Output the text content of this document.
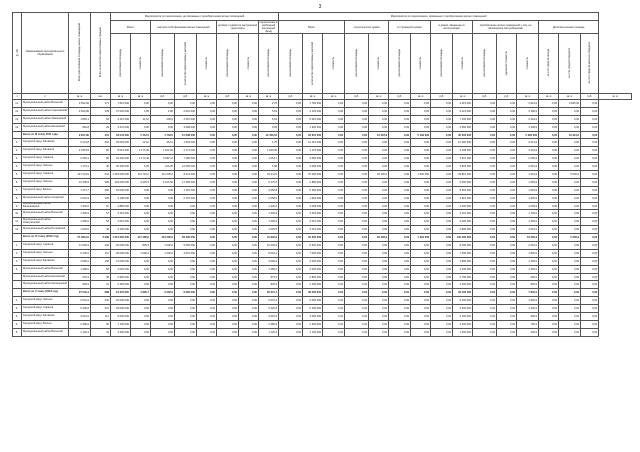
3
№ п/п	Наименование муниципального образования	Всего расселяемая площадь жилых помещений	Всего количество переселяемых граждан	Мероприятия по переселению, не связанные с приобретением жилых помещений								Мероприятия по переселению, связанные с приобретением жилых помещений															
				Всего		выплата собственникам жилых помещений			договор о развитии застроенной территории		переселение в свободный жилищный фонд	Всего			строительство домов		в строящихся домах		в домах, введенных в эксплуатацию		приобретение жилых помещений у лиц, не являющихся застройщиками			Дополнительная площадь			
				расселяемая площадь	стоимость	расселяемая площадь	количество переселяемых жителей	стоимость	расселяемая площадь	стоимость	расселяемая площадь	расселяемая площадь	количество переселяемых жителей	стоимость	расселяемая площадь	стоимость	расселяемая площадь	стоимость	расселяемая площадь	стоимость	расселяемая площадь	удельная стоимость	стоимость	за счет средств фонда	за счет средств бюджета	за счет средств местного бюджета	
1	2	кв. м	чел.	кв. м	кв. м	руб.	руб.	кв. м	руб.	кв. м	кв. м	руб.	кв. м	кв. м	руб.	кв. м	руб.	кв. м	руб.	кв. м	руб.	руб.	кв. м	кв. м	кв. м	руб.	кв. м
11.	Муниципальный район Вольский	2 832,60	171	7 821 000	0,00	0,00	0,00	0,00	0,00	0,00	2,70	0,00	1 784 000	0,00	0,00	0,00	0,00	0,00	0,00	4 415 000	0,00	0,00	3 921,0	0,00	3 845,00	0,00	
12.	Муниципальный район Саратовский	3 602,80	139	37 002 000	1,96	2,96	2 012 000	0,00	0,00	0,00	5,64	0,00	4 125 000	0,00	0,00	0,00	0,00	0,00	0,00	9 221 000	0,00	0,00	3 180,0	0,00	0,00	0,00	
13.	Муниципальный район Хвалынский	1 881,1	62	4 207 000	11,10	206,0	4 307 000	0,00	0,00	0,00	6,64	0,00	5 010 000	0,00	0,00	0,00	0,00	0,00	0,00	7 106 000	0,00	0,00	2 944,0	0,00	0,00	0,00	
14.	Муниципальный район Шиханский	862,8	29	3 011 000	0,00	0,00	3 098 000	0,00	0,00	0,00	0,00	0,00	1 900 000	0,00	0,00	0,00	0,00	0,00	0,00	2 950 000	0,00	0,00	1 208,0	0,00	0,00	0,00	
	Всего по III этапу 2011 года	9 207,90	401	53 041 000	5 112,0	1 733,5	15 008 000	0,00	0,00	0,00	12 450,04	0,00	23 601 000	0,00	0,00	13 522,9	0,00	5 190 000	0,00	30 202 000	0,00	0,00	5 390 000	0,00	10 021,0	0,00	
1.	Городской округ Балаково	5 121,8	202	29 003 000	12,12	36,12	1 502 000	0,00	0,00	0,00	1,76	0,00	12 410 000	0,00	0,00	0,00	0,00	0,00	0,00	12 200 000	0,00	0,00	2 014,0	0,00	0,00	0,00	
2.	Городской округ Балашов	2 045,15	84	8 012 000	1 171,30	1 102,91	4 771 000	0,00	0,00	0,00	1 320,00	0,00	1 176 000	0,00	0,00	0,00	0,00	0,00	0,00	3 108 000	0,00	0,00	3 401,0	0,00	0,00	0,00	
3.	Городской округ Саратов	2 063,1	80	24 200 000	1 174,40	5 002,11	7 180 000	0,00	0,00	0,00	1 054,7	0,00	3 050 000	0,00	0,00	0,00	0,00	0,00	0,00	4 601 000	0,00	0,00	2 000,0	0,00	0,00	0,00	
4.	Городской округ Энгельс	1 179,1	40	30 400 000	1,05	104,05	12 500 000	0,00	0,00	0,00	1,98	0,00	4 005 000	0,00	0,00	0,00	0,00	0,00	0,00	9 803 000	0,00	0,00	2 901,0	0,00	0,00	0,00	
5.	Городской округ Саратов	20 710,01	641	1 203 000 000	111 710,0	111 000,0	8 411 000	0,00	0,00	0,00	20 211,0	0,00	37 000 000	0,00	0,00	18 406,0	0,00	1 020 000	0,00	49 810 000	0,00	0,00	1 941,0	0,00	5 000,0	0,00	
6.	Городской округ Энгельс	10 400,5	385	143 000 000	3 415,9	6 414,60	17 460 000	0,00	0,00	0,00	6 170,5	0,00	2 880 000	0,00	0,00	0,00	0,00	0,00	0,00	6 000 000	0,00	0,00	1 050,0	0,00	0,00	0,00	
7.	Городской округ Вольск	7 471,7	290	54 000 000	0,00	0,00	1 187 000	0,00	0,00	0,00	3 050,8	0,00	5 360 000	0,00	0,00	0,00	0,00	0,00	0,00	8 902 000	0,00	0,00	1 002,0	0,00	0,00	0,00	
8.	Муниципальный район Аткарский	2 042,9	105	3 108 000	0,00	0,00	2 107 000	0,00	0,00	0,00	2 058,9	0,00	1 604 000	0,00	0,00	0,00	0,00	0,00	0,00	2 910 000	0,00	0,00	1 205,0	0,00	0,00	0,00	
9.	Муниципальный район Балашовский	1 340,0	61	4 880 000	0,00	0,00	0,00	0,00	0,00	0,00	1 340,0	0,00	4 009 000	0,00	0,00	0,00	0,00	0,00	0,00	4 000 000	0,00	0,00	1 009,0	0,00	0,00	0,00	
10.	Муниципальный район Вольский	1 330,9	57	3 301 000	0,00	0,00	0,00	0,00	0,00	0,00	1 330,9	0,00	3 002 000	0,00	0,00	0,00	0,00	0,00	0,00	3 101 000	0,00	0,00	1 700,0	0,00	0,00	0,00	
11.	Муниципальный район Новоузенский	1 290,6	54	4 010 000	0,00	0,00	0,00	0,00	0,00	0,00	1 290,6	0,00	4 007 000	0,00	0,00	0,00	0,00	0,00	0,00	4 020 000	0,00	0,00	1 400,0	0,00	0,00	0,00	
12.	Муниципальный район Петровский	1 020,5	40	3 200 000	0,00	0,00	0,00	0,00	0,00	0,00	1 020,5	0,00	3 001 000	0,00	0,00	0,00	0,00	0,00	0,00	2 800 000	0,00	0,00	1 010,0	0,00	0,00	0,00	
	Всего по IV этапу (2012 год)	57 090,10	2 039	1 513 000 000	117 480,0	124 000,0	56 300 000	0,00	0,00	0,00	41 930,0	0,00	81 000 000	0,00	0,00	18 406,0	0,00	1 020 000	0,00	102 000 000	0,00	0,00	19 000,0	0,00	5 000,0	0,00	
1.	Городской округ Саратов	11 040,9	402	40 000 000	805,3	1 002,0	5 050 000	0,00	0,00	0,00	10 230,6	0,00	8 300 000	0,00	0,00	0,00	0,00	0,00	0,00	9 000 000	0,00	0,00	2 010,0	0,00	0,00	0,00	
2.	Городской округ Энгельс	9 130,5	311	30 000 000	1 090,4	1 200,0	4 010 000	0,00	0,00	0,00	8 040,1	0,00	7 000 000	0,00	0,00	0,00	0,00	0,00	0,00	7 500 000	0,00	0,00	1 830,0	0,00	0,00	0,00	
3.	Городской округ Балаково	4 090,2	150	12 000 000	0,00	0,00	0,00	0,00	0,00	0,00	4 090,2	0,00	4 000 000	0,00	0,00	0,00	0,00	0,00	0,00	3 800 000	0,00	0,00	1 100,0	0,00	0,00	0,00	
4.	Муниципальный район Вольский	1 480,0	56	4 020 000	0,00	0,00	0,00	0,00	0,00	0,00	1 480,0	0,00	4 000 000	0,00	0,00	0,00	0,00	0,00	0,00	4 100 000	0,00	0,00	1 200,0	0,00	0,00	0,00	
	Муниципальный район Ершовский	970,3	38	2 900 000	0,00	0,00	0,00	0,00	0,00	0,00	970,3	0,00	2 800 000	0,00	0,00	0,00	0,00	0,00	0,00	2 700 000	0,00	0,00	900,0	0,00	0,00	0,00	
	Муниципальный район Калининский	830,5	31	2 450 000	0,00	0,00	0,00	0,00	0,00	0,00	830,5	0,00	2 400 000	0,00	0,00	0,00	0,00	0,00	0,00	2 300 000	0,00	0,00	800,0	0,00	0,00	0,00	
	Всего по V этапу (2013 год)	27 542,4	988	91 370 000	1 895,7	2 202,0	9 060 000	0,00	0,00	0,00	25 641,7	0,00	28 500 000	0,00	0,00	0,00	0,00	0,00	0,00	29 400 000	0,00	0,00	7 840,0	0,00	0,00	0,00	
1.	Городской округ Энгельс	6 001,2	230	20 000 000	0,00	0,00	0,00	0,00	0,00	0,00	6 001,2	0,00	6 000 000	0,00	0,00	0,00	0,00	0,00	0,00	6 200 000	0,00	0,00	1 600,0	0,00	0,00	0,00	
2.	Городской округ Саратов	5 420,8	201	18 000 000	0,00	0,00	0,00	0,00	0,00	0,00	5 420,8	0,00	5 400 000	0,00	0,00	0,00	0,00	0,00	0,00	5 600 000	0,00	0,00	1 400,0	0,00	0,00	0,00	
3.	Городской округ Балаково	3 010,0	112	9 000 000	0,00	0,00	0,00	0,00	0,00	0,00	3 010,0	0,00	3 000 000	0,00	0,00	0,00	0,00	0,00	0,00	3 100 000	0,00	0,00	900,0	0,00	0,00	0,00	
4.	Городской округ Вольск	2 380,6	90	7 100 000	0,00	0,00	0,00	0,00	0,00	0,00	2 380,6	0,00	2 300 000	0,00	0,00	0,00	0,00	0,00	0,00	2 400 000	0,00	0,00	700,0	0,00	0,00	0,00	
5.	Муниципальный район Вольский	1 120,4	43	3 400 000	0,00	0,00	0,00	0,00	0,00	0,00	1 120,4	0,00	1 100 000	0,00	0,00	0,00	0,00	0,00	0,00	1 150 000	0,00	0,00	400,0	0,00	0,00	0,00	
